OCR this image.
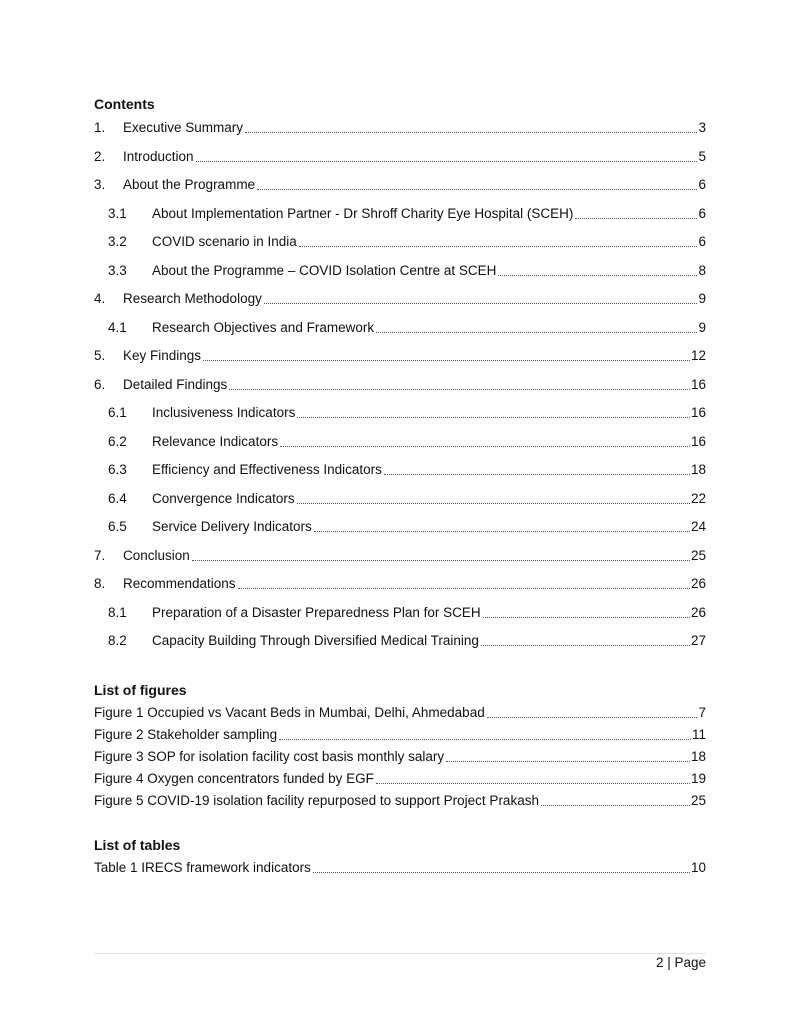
Contents
1.	Executive Summary	3
2.	Introduction	5
3.	About the Programme	6
3.1	About Implementation Partner - Dr Shroff Charity Eye Hospital (SCEH)	6
3.2	COVID scenario in India	6
3.3	About the Programme – COVID Isolation Centre at SCEH	8
4.	Research Methodology	9
4.1	Research Objectives and Framework	9
5.	Key Findings	12
6.	Detailed Findings	16
6.1	Inclusiveness Indicators	16
6.2	Relevance Indicators	16
6.3	Efficiency and Effectiveness Indicators	18
6.4	Convergence Indicators	22
6.5	Service Delivery Indicators	24
7.	Conclusion	25
8.	Recommendations	26
8.1	Preparation of a Disaster Preparedness Plan for SCEH	26
8.2	Capacity Building Through Diversified Medical Training	27
List of figures
Figure 1 Occupied vs Vacant Beds in Mumbai, Delhi, Ahmedabad	7
Figure 2 Stakeholder sampling	11
Figure 3 SOP for isolation facility cost basis monthly salary	18
Figure 4 Oxygen concentrators funded by EGF	19
Figure 5 COVID-19 isolation facility repurposed to support Project Prakash	25
List of tables
Table 1 IRECS framework indicators	10
2 | Page
